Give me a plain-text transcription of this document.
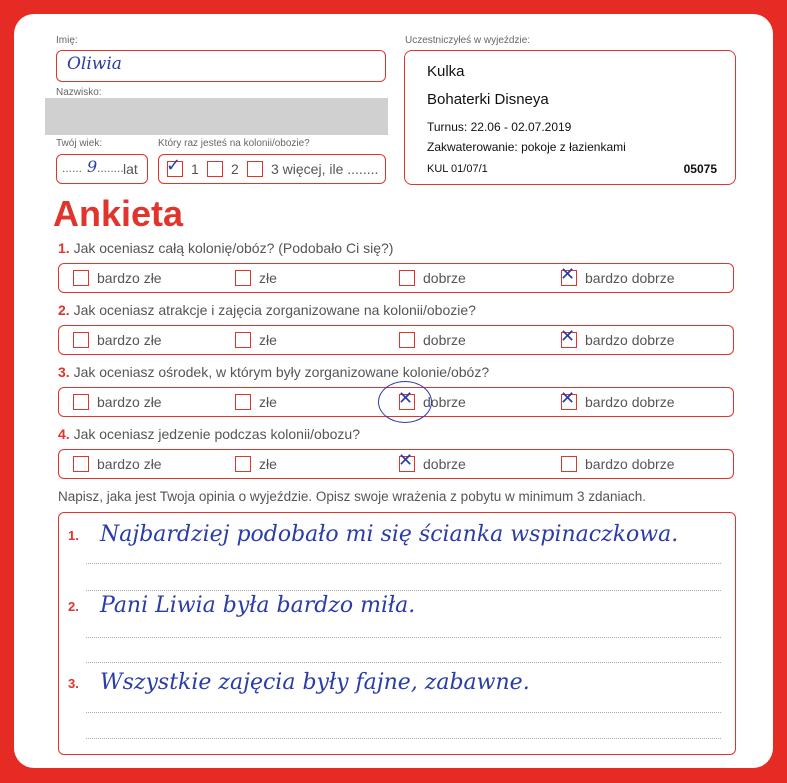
Imię:
Oliwia
Nazwisko:
Twój wiek:
...... 9 ........ lat
Który raz jesteś na kolonii/obozie?
✓ 1 2 3 więcej, ile ........
Uczestniczyłeś w wyjeździe:
Kulka
Bohaterki Disneya
Turnus: 22.06 - 02.07.2019
Zakwaterowanie: pokoje z łazienkami
KUL 01/07/1	05075
Ankieta
1. Jak oceniasz całą kolonię/obóz? (Podobało Ci się?)
bardzo złe	złe	dobrze	✕ bardzo dobrze
2. Jak oceniasz atrakcje i zajęcia zorganizowane na kolonii/obozie?
bardzo złe	złe	dobrze	✕ bardzo dobrze
3. Jak oceniasz ośrodek, w którym były zorganizowane kolonie/obóz?
bardzo złe	złe	✕ dobrze	✕ bardzo dobrze
4. Jak oceniasz jedzenie podczas kolonii/obozu?
bardzo złe	złe	✕ dobrze	bardzo dobrze
Napisz, jaka jest Twoja opinia o wyjeździe. Opisz swoje wrażenia z pobytu w minimum 3 zdaniach.
1. Najbardziej podobało mi się ścianka wspinaczkowa.
2. Pani Liwia była bardzo miła.
3. Wszystkie zajęcia były fajne, zabawne.
